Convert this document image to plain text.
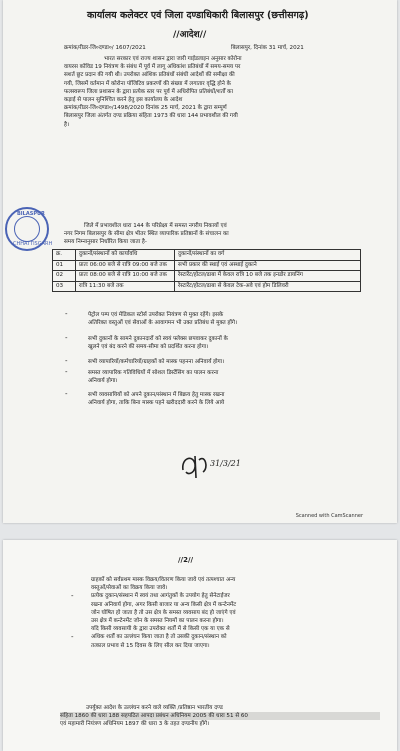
कार्यालय कलेक्टर एवं जिला दण्डाधिकारी बिलासपुर (छत्तीसगढ़)
//आदेश//
क्रमांक/रीडर-जि०दण्डा०/ 1607/2021	बिलासपुर, दिनांक 31 मार्च, 2021
भारत सरकार एवं राज्य शासन द्वारा जारी गाईडलाइन अनुसार कोरोना
वायरस कोविड 19 नियंत्रण के संबंध में पूर्व में लागू अधिकांश प्रतिबंधों में समय-समय पर
सशर्त छूट प्रदान की गयी थी। उपरोक्त आंशिक प्रतिबंधों संबंधी आदेशों की समीक्षा की
गयी, जिसमें वर्तमान में कोरोना पॉजिटिव प्रकरणों की संख्या में लगातार वृद्धि होने के
फलस्वरूप जिला प्रशासन के द्वारा प्रत्येक स्तर पर पूर्व में अधिरोपित प्रतिबंधों/शर्तों का
कड़ाई से पालन सुनिश्चित करने हेतु इस कार्यालय के आदेश
क्रमांक/रीडर-जि०दण्डा०/1498/2020 दिनांक 25 मार्च, 2021 के द्वारा सम्पूर्ण
बिलासपुर जिला अंतर्गत दण्ड प्रक्रिया संहिता 1973 की धारा 144 प्रभावशील की गयी
है।
जिले में प्रभावशील धारा 144 के परिप्रेक्ष्य में समस्त नगरीय निकायों एवं
नगर निगम बिलासपुर के सीमा क्षेत्र भीतर स्थित व्यापारिक प्रतिष्ठानों के संचालन का
समय निम्नानुसार निर्धारित किया जाता है-
BILASPUR
CHHATTISGARH
क्र.	दुकानों/संस्थानों को कार्यावधि	दुकानों/संस्थानों का वर्ग
01	प्रातः 06:00 बजे से रात्रि 09:00 बजे तक	सभी प्रकार की स्थाई एवं अस्थाई दुकाने
02	प्रातः 08:00 बजे से रात्रि 10:00 बजे तक	रेस्टारेंट/होटल/ढाबा में केवल रात्रि 10 बजे तक इनडोर डायनिंग
03	रात्रि 11:30 बजे तक	रेस्टारेंट/होटल/ढाबा से केवल टेक-अवे एवं होम डिलिवरी
-	पेट्रोल पम्प एवं मेडिकल स्टोर्स उपरोक्त नियंत्रण से मुक्त रहेंगे। इसके
अतिरिक्त वस्तुओं एवं सेवाओं के आवागमन भी उक्त प्रतिबंध से मुक्त होंगे।
-	सभी दुकानों के सामने दुकानदारों को स्वयं फ्लेक्स छपवाकर दुकानों के
खुलने एवं बंद करने की समय-सीमा को प्रदर्शित करना होगा।
-	सभी व्यापारियों/कर्मचारियों/ग्राहकों को मास्क पहनना अनिवार्य होगा।
-	समस्त व्यापारिक गतिविधियों में सोशल डिस्टेंसिंग का पालन करना
अनिवार्य होगा।
-	सभी व्यवसायियों को अपने दुकान/संस्थान में बिक्रय हेतु मास्क रखना
अनिवार्य होगा, ताकि बिना मास्क पहने खरीददारी करने के लिये आये
31/3/21
Scanned with CamScanner
//2//
ग्राहकों को सर्वप्रथम मास्क विक्रय/वितरण किया जावे एवं तत्पश्चात अन्य
वस्तुओं/सेवाओं का विक्रय किया जावे।
प्रत्येक दुकान/संस्थान में स्वयं तथा आगंतुकों के उपयोग हेतु सेनेटाईजर
रखना अनिवार्य होगा, अगर किसी बाजार या अन्य किसी क्षेत्र में कन्टेनमेंट
जोन घोषित हो जाता है तो उस क्षेत्र के समस्त व्यवसाय बंद हो जाएंगे एवं
उस क्षेत्र में कन्टेनमेंट जोन के समस्त नियमों का पालन करना होगा।
यदि किसी व्यवसायी के द्वारा उपरोक्त शर्तों में से किसी एक या एक से
अधिक शर्तों का उल्लंघन किया जाता है तो उसकी दुकान/संस्थान को
तत्काल प्रभाव से 15 दिवस के लिए सील कर दिया जाएगा।
-
-
उपर्युक्त आदेश के उल्लंघन करने वाले व्यक्ति /प्रतिष्ठान भारतीय दण्ड
संहिता 1860 की धारा 188 सहपठित आपदा प्रबंधन अधिनियम 2005 की धारा 51 से 60
एवं महामारी नियंत्रण अधिनियम 1897 की धारा 3 के तहत दण्डनीय होंगे।
